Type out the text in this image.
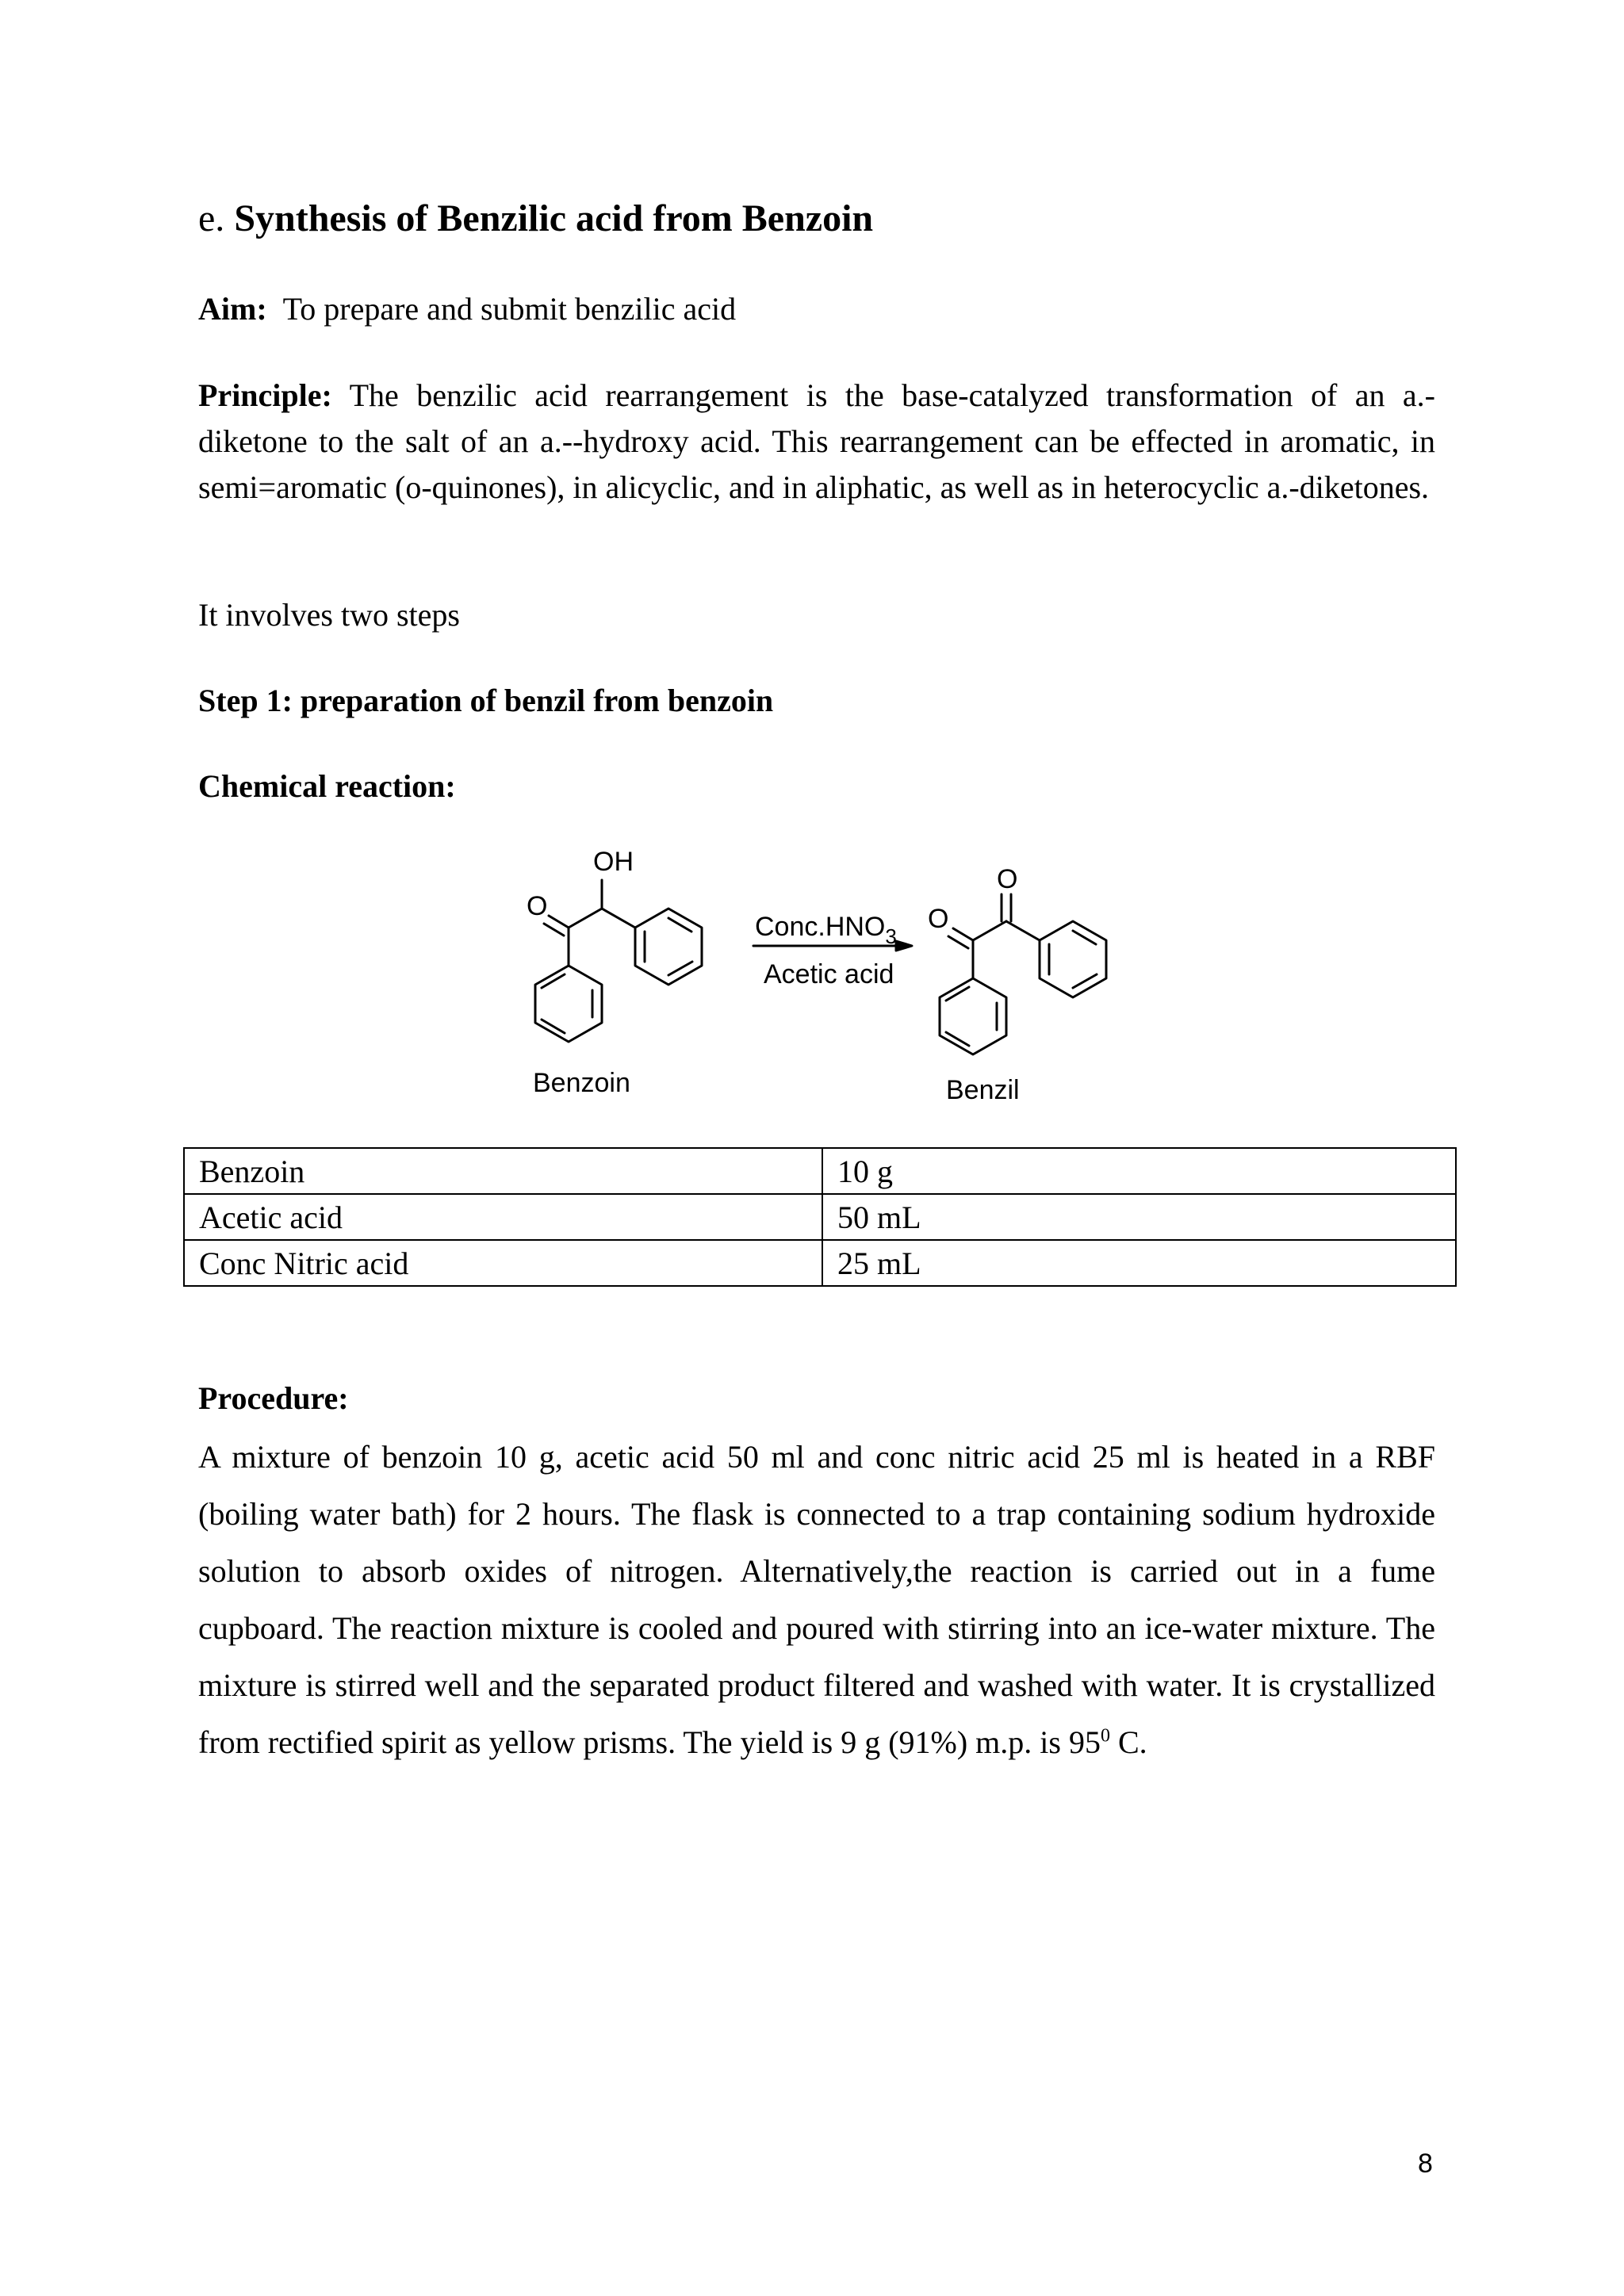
e. Synthesis of Benzilic acid from Benzoin

Aim: To prepare and submit benzilic acid

Principle: The benzilic acid rearrangement is the base-catalyzed transformation of an a.-diketone to the salt of an a.--hydroxy acid. This rearrangement can be effected in aromatic, in semi=aromatic (o-quinones), in alicyclic, and in aliphatic, as well as in heterocyclic a.-diketones.

It involves two steps

Step 1: preparation of benzil from benzoin

Chemical reaction:

OH
O	O
O
$Conc.HNO_3$
Acetic acid
Benzoin	Benzil
Benzoin	10 g
Acetic acid	50 mL
Conc Nitric acid	25 mL

Procedure:

A mixture of benzoin 10 g, acetic acid 50 ml and conc nitric acid 25 ml is heated in a RBF (boiling water bath) for 2 hours. The flask is connected to a trap containing sodium hydroxide solution to absorb oxides of nitrogen. Alternatively,the reaction is carried out in a fume cupboard. The reaction mixture is cooled and poured with stirring into an ice-water mixture. The mixture is stirred well and the separated product filtered and washed with water. It is crystallized from rectified spirit as yellow prisms. The yield is 9 g (91%) m.p. is $95^0$ C.

8
